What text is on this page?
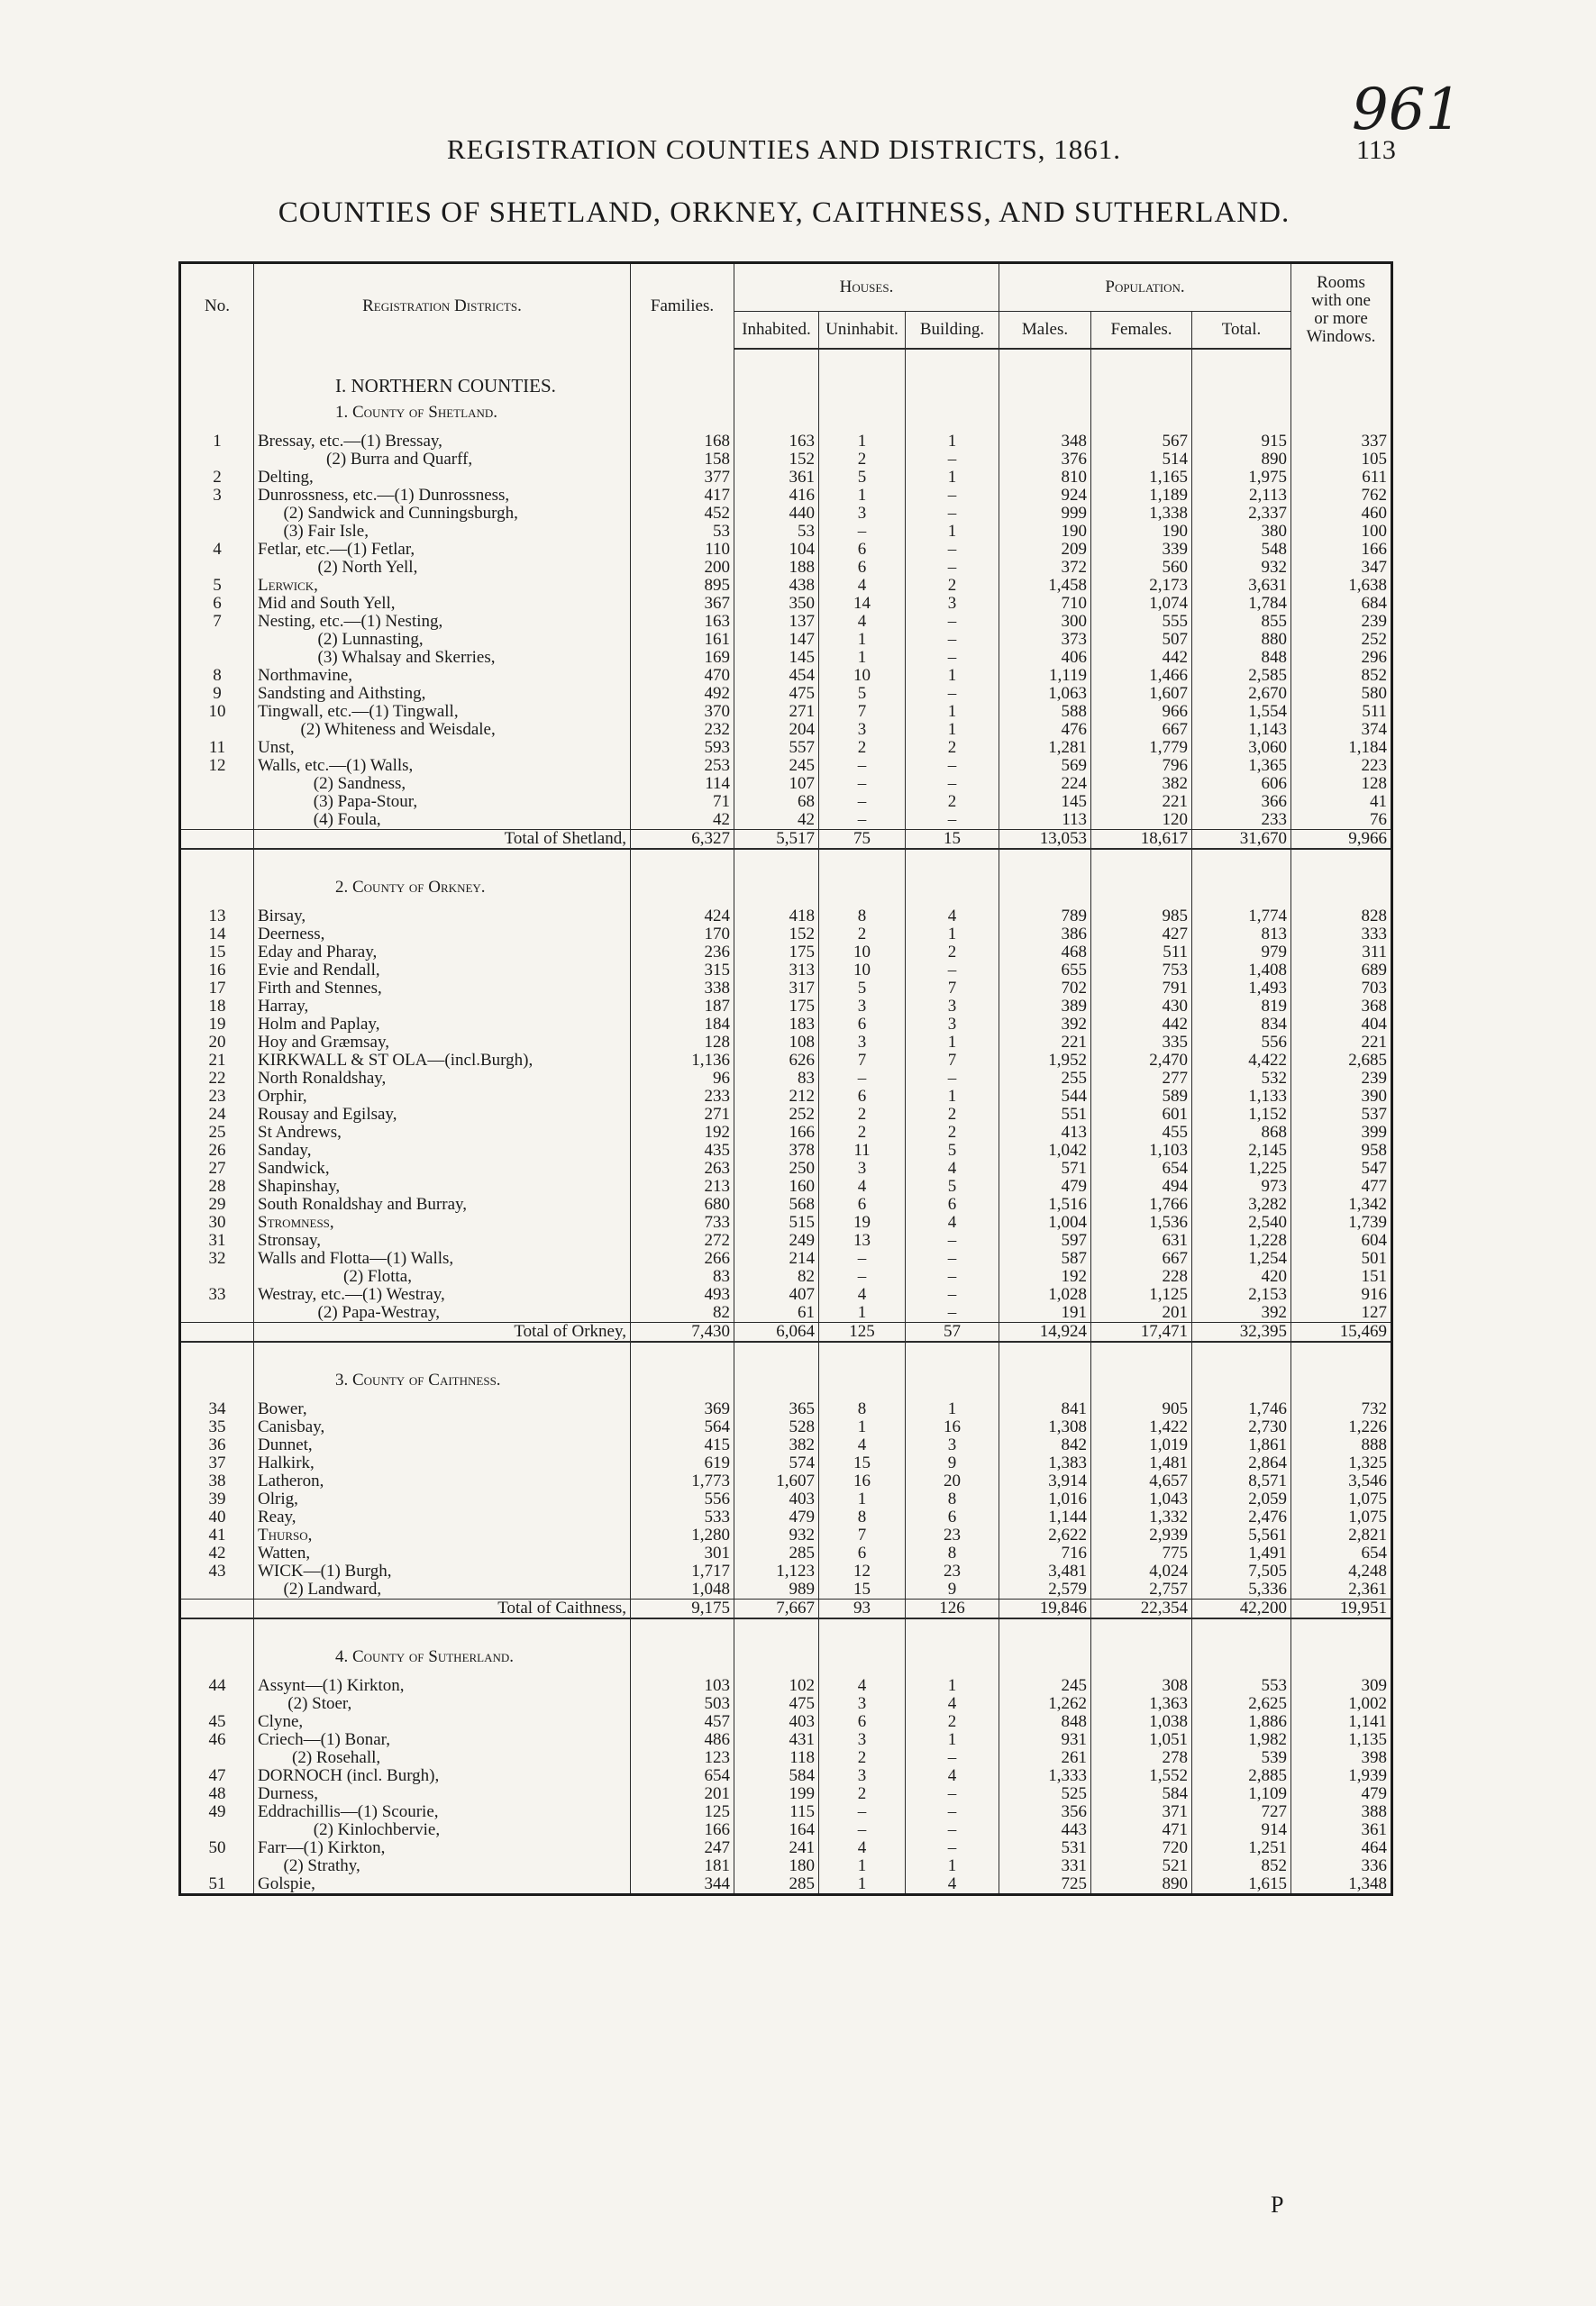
961
REGISTRATION COUNTIES AND DISTRICTS, 1861.	113
COUNTIES OF SHETLAND, ORKNEY, CAITHNESS, AND SUTHERLAND.
No.	Registration Districts.	Families.	Houses.			Population.			Rooms
with one
or more
Windows.
			Inhabited.	Uninhabit.	Building.	Males.	Females.	Total.	

	I. NORTHERN COUNTIES.								
	1. County of Shetland.								
1	Bressay, etc.—(1) Bressay,	168	163	1	1	348	567	915	337
	(2) Burra and Quarff,	158	152	2	–	376	514	890	105
2	Delting,	377	361	5	1	810	1,165	1,975	611
3	Dunrossness, etc.—(1) Dunrossness,	417	416	1	–	924	1,189	2,113	762
	(2) Sandwick and Cunningsburgh,	452	440	3	–	999	1,338	2,337	460
	(3) Fair Isle,	53	53	–	1	190	190	380	100
4	Fetlar, etc.—(1) Fetlar,	110	104	6	–	209	339	548	166
	(2) North Yell,	200	188	6	–	372	560	932	347
5	Lerwick,	895	438	4	2	1,458	2,173	3,631	1,638
6	Mid and South Yell,	367	350	14	3	710	1,074	1,784	684
7	Nesting, etc.—(1) Nesting,	163	137	4	–	300	555	855	239
	(2) Lunnasting,	161	147	1	–	373	507	880	252
	(3) Whalsay and Skerries,	169	145	1	–	406	442	848	296
8	Northmavine,	470	454	10	1	1,119	1,466	2,585	852
9	Sandsting and Aithsting,	492	475	5	–	1,063	1,607	2,670	580
10	Tingwall, etc.—(1) Tingwall,	370	271	7	1	588	966	1,554	511
	(2) Whiteness and Weisdale,	232	204	3	1	476	667	1,143	374
11	Unst,	593	557	2	2	1,281	1,779	3,060	1,184
12	Walls, etc.—(1) Walls,	253	245	–	–	569	796	1,365	223
	(2) Sandness,	114	107	–	–	224	382	606	128
	(3) Papa-Stour,	71	68	–	2	145	221	366	41
	(4) Foula,	42	42	–	–	113	120	233	76
	Total of Shetland,	6,327	5,517	75	15	13,053	18,617	31,670	9,966

	2. County of Orkney.								
13	Birsay,	424	418	8	4	789	985	1,774	828
14	Deerness,	170	152	2	1	386	427	813	333
15	Eday and Pharay,	236	175	10	2	468	511	979	311
16	Evie and Rendall,	315	313	10	–	655	753	1,408	689
17	Firth and Stennes,	338	317	5	7	702	791	1,493	703
18	Harray,	187	175	3	3	389	430	819	368
19	Holm and Paplay,	184	183	6	3	392	442	834	404
20	Hoy and Græmsay,	128	108	3	1	221	335	556	221
21	KIRKWALL & ST OLA—(incl.Burgh),	1,136	626	7	7	1,952	2,470	4,422	2,685
22	North Ronaldshay,	96	83	–	–	255	277	532	239
23	Orphir,	233	212	6	1	544	589	1,133	390
24	Rousay and Egilsay,	271	252	2	2	551	601	1,152	537
25	St Andrews,	192	166	2	2	413	455	868	399
26	Sanday,	435	378	11	5	1,042	1,103	2,145	958
27	Sandwick,	263	250	3	4	571	654	1,225	547
28	Shapinshay,	213	160	4	5	479	494	973	477
29	South Ronaldshay and Burray,	680	568	6	6	1,516	1,766	3,282	1,342
30	Stromness,	733	515	19	4	1,004	1,536	2,540	1,739
31	Stronsay,	272	249	13	–	597	631	1,228	604
32	Walls and Flotta—(1) Walls,	266	214	–	–	587	667	1,254	501
	(2) Flotta,	83	82	–	–	192	228	420	151
33	Westray, etc.—(1) Westray,	493	407	4	–	1,028	1,125	2,153	916
	(2) Papa-Westray,	82	61	1	–	191	201	392	127
	Total of Orkney,	7,430	6,064	125	57	14,924	17,471	32,395	15,469

	3. County of Caithness.								
34	Bower,	369	365	8	1	841	905	1,746	732
35	Canisbay,	564	528	1	16	1,308	1,422	2,730	1,226
36	Dunnet,	415	382	4	3	842	1,019	1,861	888
37	Halkirk,	619	574	15	9	1,383	1,481	2,864	1,325
38	Latheron,	1,773	1,607	16	20	3,914	4,657	8,571	3,546
39	Olrig,	556	403	1	8	1,016	1,043	2,059	1,075
40	Reay,	533	479	8	6	1,144	1,332	2,476	1,075
41	Thurso,	1,280	932	7	23	2,622	2,939	5,561	2,821
42	Watten,	301	285	6	8	716	775	1,491	654
43	WICK—(1) Burgh,	1,717	1,123	12	23	3,481	4,024	7,505	4,248
	(2) Landward,	1,048	989	15	9	2,579	2,757	5,336	2,361
	Total of Caithness,	9,175	7,667	93	126	19,846	22,354	42,200	19,951

	4. County of Sutherland.								
44	Assynt—(1) Kirkton,	103	102	4	1	245	308	553	309
	(2) Stoer,	503	475	3	4	1,262	1,363	2,625	1,002
45	Clyne,	457	403	6	2	848	1,038	1,886	1,141
46	Criech—(1) Bonar,	486	431	3	1	931	1,051	1,982	1,135
	(2) Rosehall,	123	118	2	–	261	278	539	398
47	DORNOCH (incl. Burgh),	654	584	3	4	1,333	1,552	2,885	1,939
48	Durness,	201	199	2	–	525	584	1,109	479
49	Eddrachillis—(1) Scourie,	125	115	–	–	356	371	727	388
	(2) Kinlochbervie,	166	164	–	–	443	471	914	361
50	Farr—(1) Kirkton,	247	241	4	–	531	720	1,251	464
	(2) Strathy,	181	180	1	1	331	521	852	336
51	Golspie,	344	285	1	4	725	890	1,615	1,348
P
